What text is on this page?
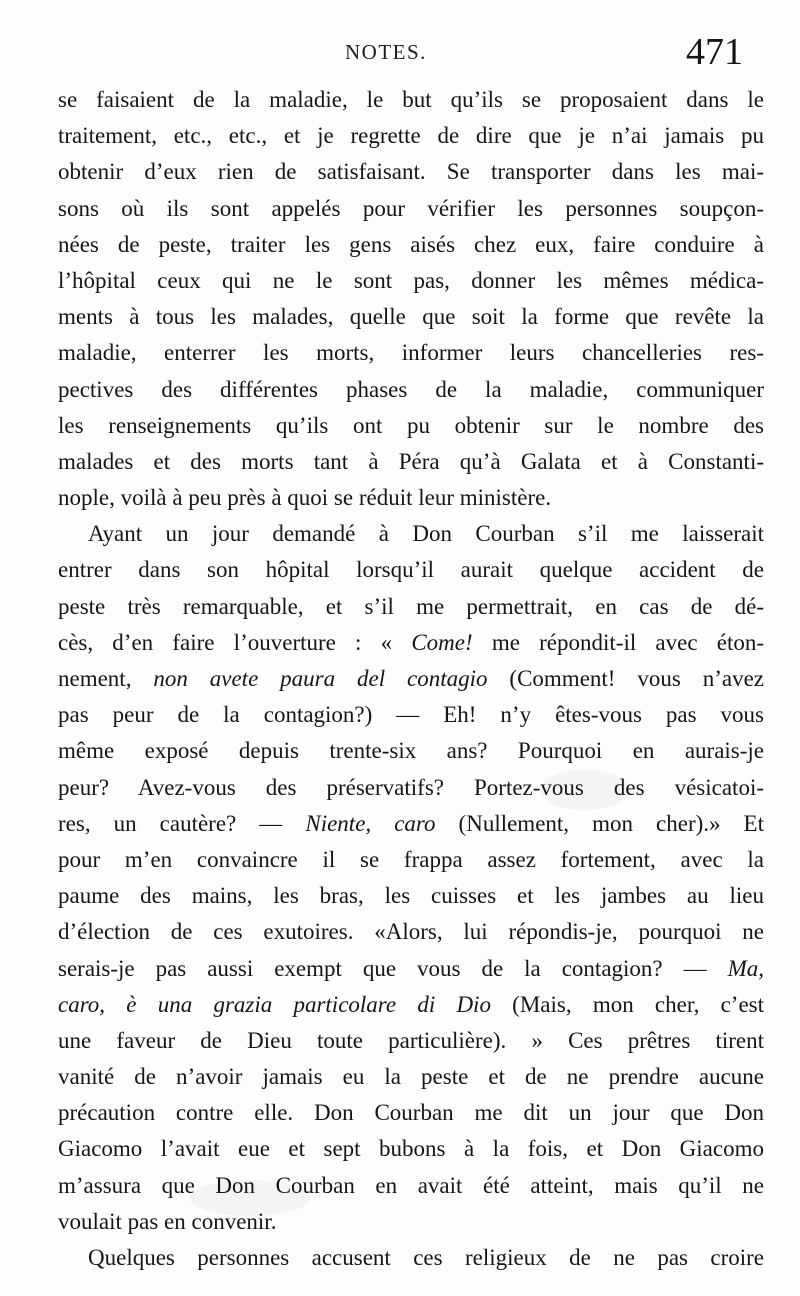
NOTES.	471
se faisaient de la maladie, le but qu’ils se proposaient dans le
traitement, etc., etc., et je regrette de dire que je n’ai jamais pu
obtenir d’eux rien de satisfaisant. Se transporter dans les mai-
sons où ils sont appelés pour vérifier les personnes soupçon-
nées de peste, traiter les gens aisés chez eux, faire conduire à
l’hôpital ceux qui ne le sont pas, donner les mêmes médica-
ments à tous les malades, quelle que soit la forme que revête la
maladie, enterrer les morts, informer leurs chancelleries res-
pectives des différentes phases de la maladie, communiquer
les renseignements qu’ils ont pu obtenir sur le nombre des
malades et des morts tant à Péra qu’à Galata et à Constanti-
nople, voilà à peu près à quoi se réduit leur ministère.
Ayant un jour demandé à Don Courban s’il me laisserait
entrer dans son hôpital lorsqu’il aurait quelque accident de
peste très remarquable, et s’il me permettrait, en cas de dé-
cès, d’en faire l’ouverture : « Come! me répondit-il avec éton-
nement, non avete paura del contagio (Comment! vous n’avez
pas peur de la contagion?) — Eh! n’y êtes-vous pas vous
même exposé depuis trente-six ans? Pourquoi en aurais-je
peur? Avez-vous des préservatifs? Portez-vous des vésicatoi-
res, un cautère? — Niente, caro (Nullement, mon cher).» Et
pour m’en convaincre il se frappa assez fortement, avec la
paume des mains, les bras, les cuisses et les jambes au lieu
d’élection de ces exutoires. «Alors, lui répondis-je, pourquoi ne
serais-je pas aussi exempt que vous de la contagion? — Ma,
caro, è una grazia particolare di Dio (Mais, mon cher, c’est
une faveur de Dieu toute particulière). » Ces prêtres tirent
vanité de n’avoir jamais eu la peste et de ne prendre aucune
précaution contre elle. Don Courban me dit un jour que Don
Giacomo l’avait eue et sept bubons à la fois, et Don Giacomo
m’assura que Don Courban en avait été atteint, mais qu’il ne
voulait pas en convenir.
Quelques personnes accusent ces religieux de ne pas croire
